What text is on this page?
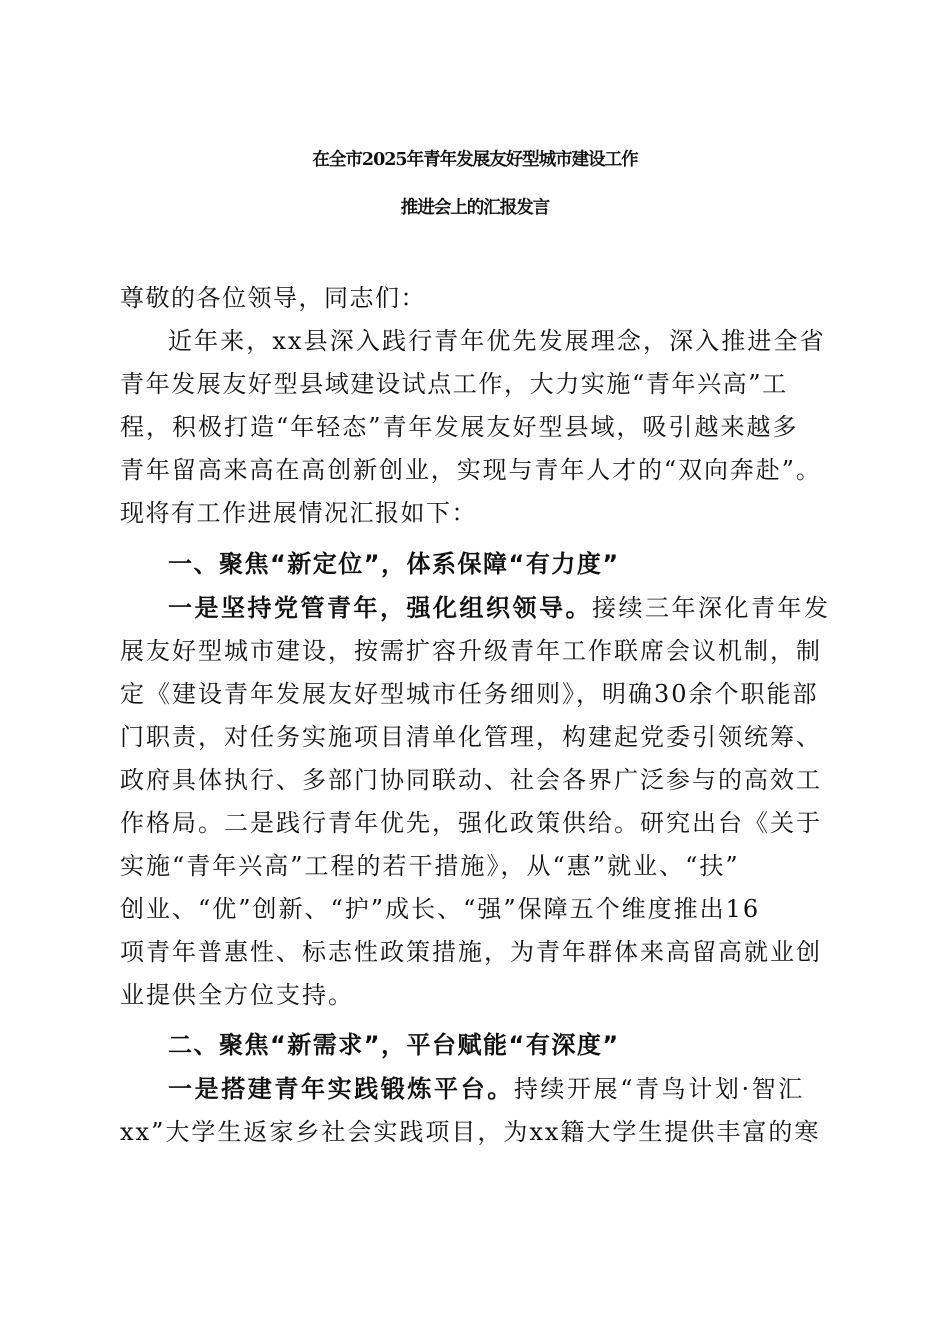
在全市2025年青年发展友好型城市建设工作
推进会上的汇报发言
尊敬的各位领导，同志们：
近年来，xx县深入践行青年优先发展理念，深入推进全省
青年发展友好型县域建设试点工作，大力实施“青年兴高”工
程，积极打造“年轻态”青年发展友好型县域，吸引越来越多
青年留高来高在高创新创业，实现与青年人才的“双向奔赴”。
现将有工作进展情况汇报如下：
一、聚焦“新定位”，体系保障“有力度”
一是坚持党管青年，强化组织领导。接续三年深化青年发
展友好型城市建设，按需扩容升级青年工作联席会议机制，制
定《建设青年发展友好型城市任务细则》，明确30余个职能部
门职责，对任务实施项目清单化管理，构建起党委引领统筹、
政府具体执行、多部门协同联动、社会各界广泛参与的高效工
作格局。二是践行青年优先，强化政策供给。研究出台《关于
实施“青年兴高”工程的若干措施》，从“惠”就业、“扶”
创业、“优”创新、“护”成长、“强”保障五个维度推出16
项青年普惠性、标志性政策措施，为青年群体来高留高就业创
业提供全方位支持。
二、聚焦“新需求”，平台赋能“有深度”
一是搭建青年实践锻炼平台。持续开展“青鸟计划·智汇
xx”大学生返家乡社会实践项目，为xx籍大学生提供丰富的寒
